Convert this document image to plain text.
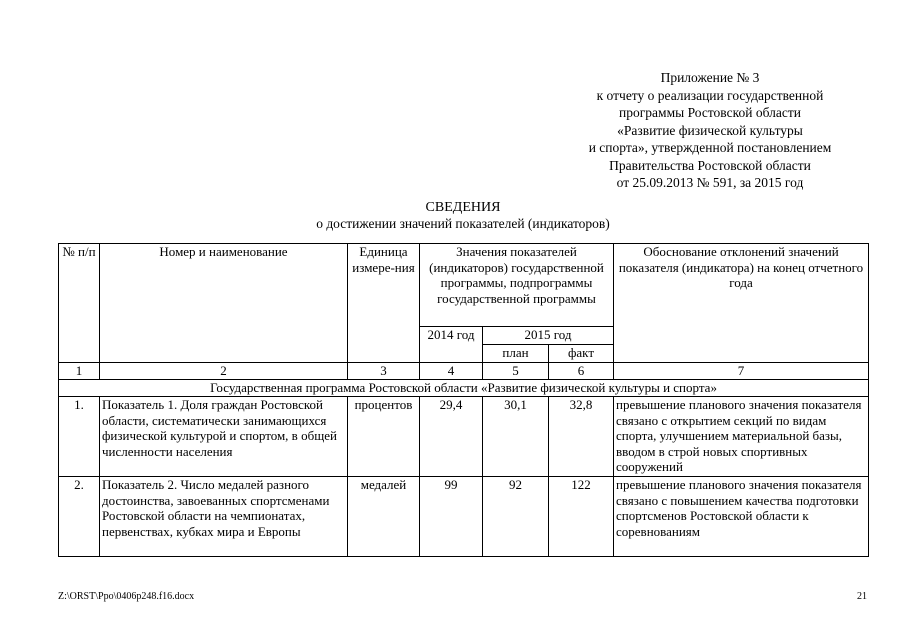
Приложение № 3
к отчету о реализации государственной
программы Ростовской области
«Развитие физической культуры
и спорта», утвержденной постановлением
Правительства Ростовской области
от 25.09.2013 № 591, за 2015 год
СВЕДЕНИЯ
о достижении значений показателей (индикаторов)
№ п/п	Номер и наименование	Единица измере-ния	Значения показателей (индикаторов) государственной программы, подпрограммы государственной программы			Обоснование отклонений значений показателя (индикатора) на конец отчетного года
			2014 год	2015 год		
				план	факт	
1	2	3	4	5	6	7
Государственная программа Ростовской области «Развитие физической культуры и спорта»						
1.	Показатель 1. Доля граждан Ростовской области, систематически занимающихся физической культурой и спортом, в общей численности населения	процентов	29,4	30,1	32,8	превышение планового значения показателя связано с открытием секций по видам спорта, улучшением материальной базы, вводом в строй новых спортивных сооружений
2.	Показатель 2. Число медалей разного достоинства, завоеванных спортсменами Ростовской области на чемпионатах, первенствах, кубках мира и Европы	медалей	99	92	122	превышение планового значения показателя связано с повышением качества подготовки спортсменов Ростовской области к соревнованиям
Z:\ORST\Ppo\0406p248.f16.docx	21
